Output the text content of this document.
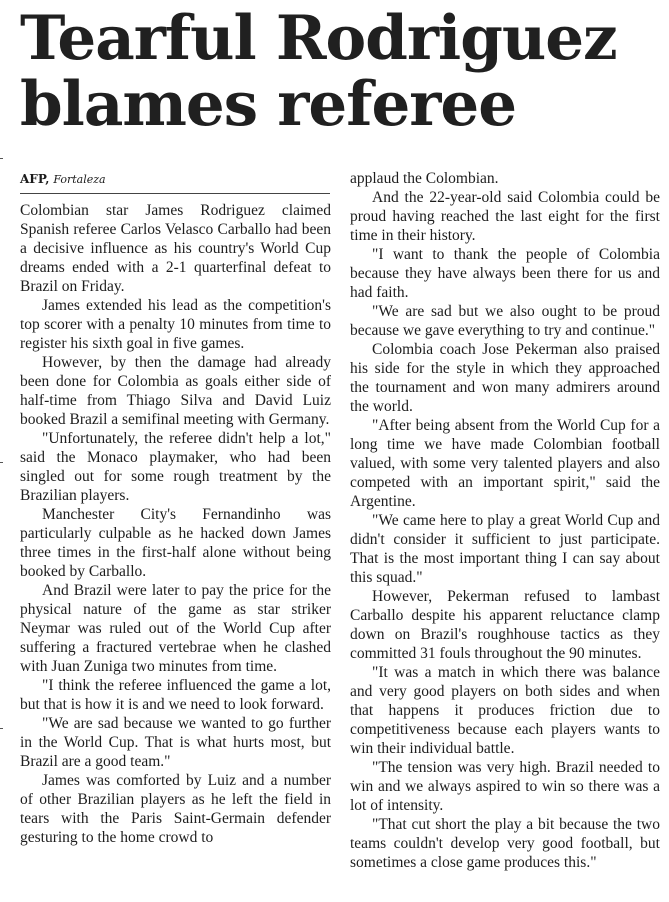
Tearful Rodriguez blames referee
AFP, Fortaleza

Colombian star James Rodriguez claimed Spanish referee Carlos Velasco Carballo had been a decisive influence as his country's World Cup dreams ended with a 2-1 quarterfinal defeat to Brazil on Friday.

James extended his lead as the competition's top scorer with a penalty 10 minutes from time to register his sixth goal in five games.

However, by then the damage had already been done for Colombia as goals either side of half-time from Thiago Silva and David Luiz booked Brazil a semifinal meeting with Germany.

"Unfortunately, the referee didn't help a lot," said the Monaco playmaker, who had been singled out for some rough treatment by the Brazilian players.

Manchester City's Fernandinho was particularly culpable as he hacked down James three times in the first-half alone without being booked by Carballo.

And Brazil were later to pay the price for the physical nature of the game as star striker Neymar was ruled out of the World Cup after suffering a fractured vertebrae when he clashed with Juan Zuniga two minutes from time.

"I think the referee influenced the game a lot, but that is how it is and we need to look forward.

"We are sad because we wanted to go further in the World Cup. That is what hurts most, but Brazil are a good team."

James was comforted by Luiz and a number of other Brazilian players as he left the field in tears with the Paris Saint-Germain defender gesturing to the home crowd to

applaud the Colombian.

And the 22-year-old said Colombia could be proud having reached the last eight for the first time in their history.

"I want to thank the people of Colombia because they have always been there for us and had faith.

"We are sad but we also ought to be proud because we gave everything to try and continue."

Colombia coach Jose Pekerman also praised his side for the style in which they approached the tournament and won many admirers around the world.

"After being absent from the World Cup for a long time we have made Colombian football valued, with some very talented players and also competed with an important spirit," said the Argentine.

"We came here to play a great World Cup and didn't consider it sufficient to just participate. That is the most important thing I can say about this squad."

However, Pekerman refused to lambast Carballo despite his apparent reluctance clamp down on Brazil's roughhouse tactics as they committed 31 fouls throughout the 90 minutes.

"It was a match in which there was balance and very good players on both sides and when that happens it produces friction due to competitiveness because each players wants to win their individual battle.

"The tension was very high. Brazil needed to win and we always aspired to win so there was a lot of intensity.

"That cut short the play a bit because the two teams couldn't develop very good football, but sometimes a close game produces this."
